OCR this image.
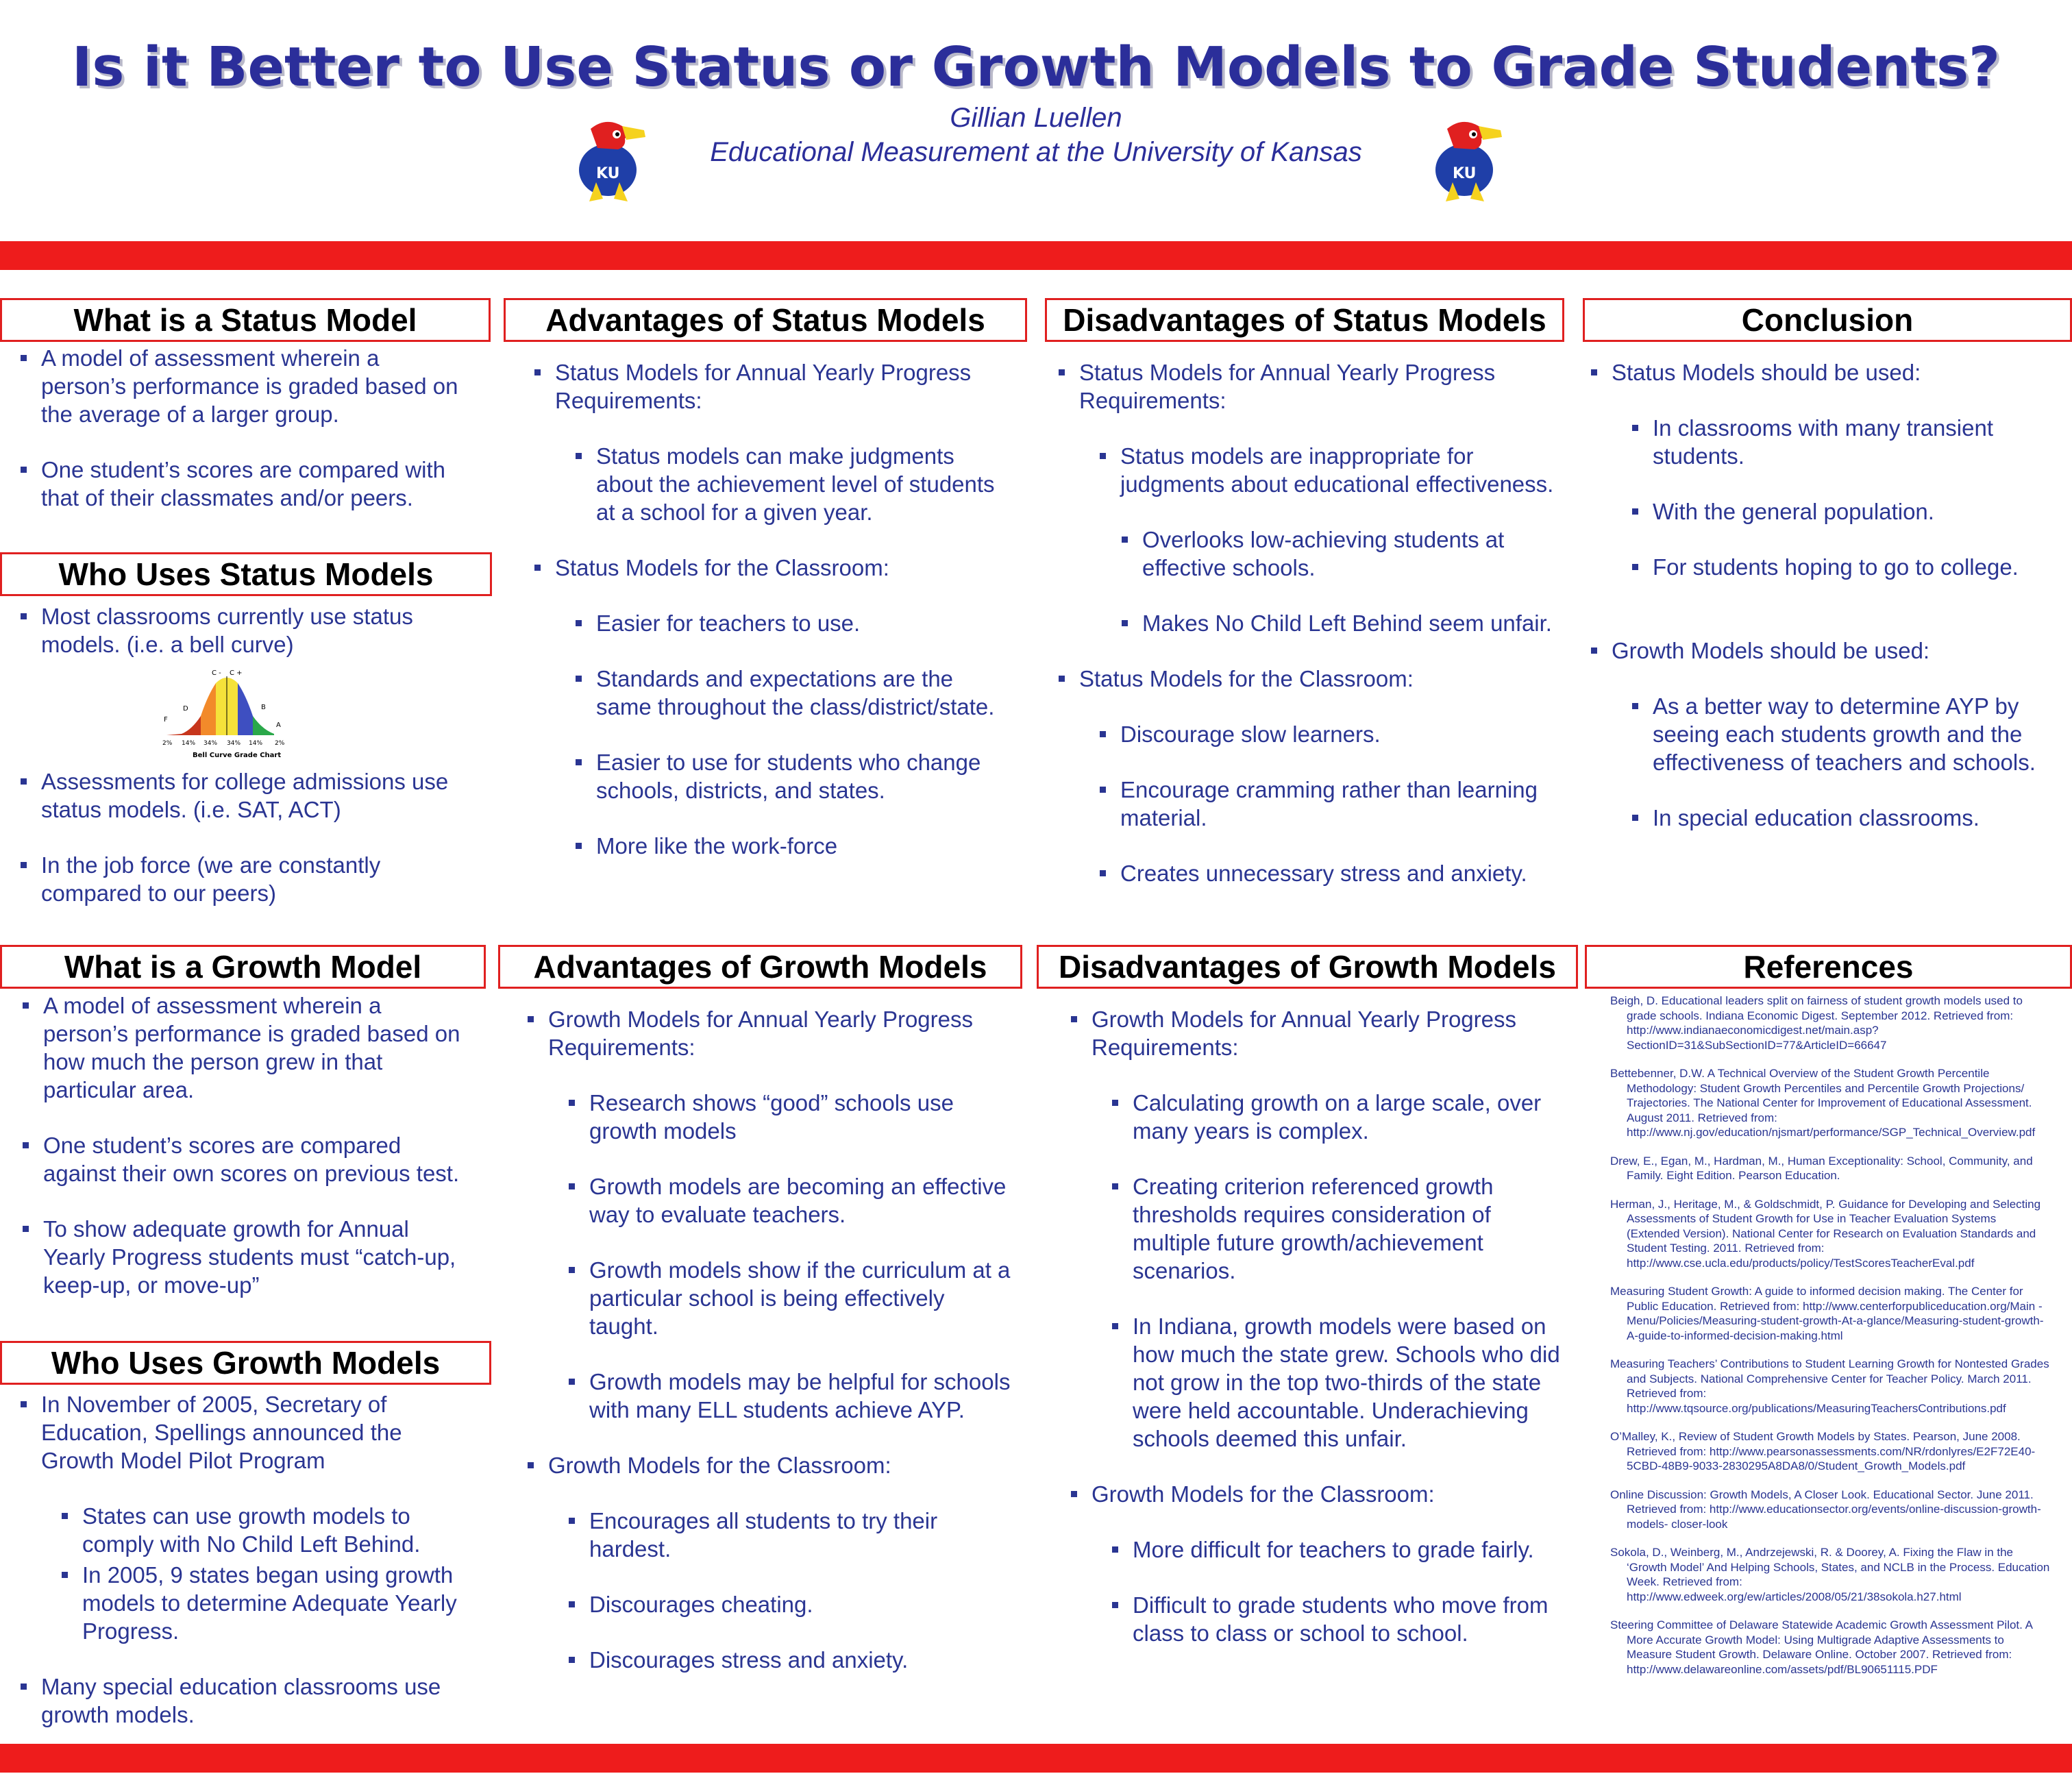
Is it Better to Use Status or Growth Models to Grade Students?
Gillian Luellen
Educational Measurement at the University of Kansas
KU	KU
What is a Status Model
A model of assessment wherein a person’s performance is graded based on the average of a larger group.
One student’s scores are compared with that of their classmates and/or peers.
Who Uses Status Models
Most classrooms currently use status models. (i.e. a bell curve)
F
D
C - C +
B
A
2% 14% 34% 34% 14% 2%
Bell Curve Grade Chart
Assessments for college admissions use status models. (i.e. SAT, ACT)
In the job force (we are constantly compared to our peers)
Advantages of Status Models
Status Models for Annual Yearly Progress Requirements:
Status models can make judgments about the achievement level of students at a school for a given year.
Status Models for the Classroom:
Easier for teachers to use.
Standards and expectations are the same throughout the class/district/state.
Easier to use for students who change schools, districts, and states.
More like the work-force
Disadvantages of Status Models
Status Models for Annual Yearly Progress Requirements:
Status models are inappropriate for judgments about educational effectiveness.
Overlooks low-achieving students at effective schools.
Makes No Child Left Behind seem unfair.
Status Models for the Classroom:
Discourage slow learners.
Encourage cramming rather than learning material.
Creates unnecessary stress and anxiety.
Conclusion
Status Models should be used:
In classrooms with many transient students.
With the general population.
For students hoping to go to college.
Growth Models should be used:
As a better way to determine AYP by seeing each students growth and the effectiveness of teachers and schools.
In special education classrooms.
What is a Growth Model
A model of assessment wherein a person’s performance is graded based on how much the person grew in that particular area.
One student’s scores are compared against their own scores on previous test.
To show adequate growth for Annual Yearly Progress students must “catch-up, keep-up, or move-up”
Who Uses Growth Models
In November of 2005, Secretary of Education, Spellings announced the Growth Model Pilot Program
States can use growth models to comply with No Child Left Behind.
In 2005, 9 states began using growth models to determine Adequate Yearly Progress.
Many special education classrooms use growth models.
Advantages of Growth Models
Growth Models for Annual Yearly Progress Requirements:
Research shows “good” schools use growth models
Growth models are becoming an effective way to evaluate teachers.
Growth models show if the curriculum at a particular school is being effectively taught.
Growth models may be helpful for schools with many ELL students achieve AYP.
Growth Models for the Classroom:
Encourages all students to try their hardest.
Discourages cheating.
Discourages stress and anxiety.
Disadvantages of Growth Models
Growth Models for Annual Yearly Progress Requirements:
Calculating growth on a large scale, over many years is complex.
Creating criterion referenced growth thresholds requires consideration of multiple future growth/achievement scenarios.
In Indiana, growth models were based on how much the state grew. Schools who did not grow in the top two-thirds of the state were held accountable. Underachieving schools deemed this unfair.
Growth Models for the Classroom:
More difficult for teachers to grade fairly.
Difficult to grade students who move from class to class or school to school.
References
Beigh, D. Educational leaders split on fairness of student growth models used to grade schools. Indiana Economic Digest. September 2012. Retrieved from: http://www.indianaeconomicdigest.net/main.asp?SectionID=31&SubSectionID=77&ArticleID=66647
Bettebenner, D.W. A Technical Overview of the Student Growth Percentile Methodology: Student Growth Percentiles and Percentile Growth Projections/ Trajectories. The National Center for Improvement of Educational Assessment. August 2011. Retrieved from: http://www.nj.gov/education/njsmart/performance/SGP_Technical_Overview.pdf
Drew, E., Egan, M., Hardman, M., Human Exceptionality: School, Community, and Family. Eight Edition. Pearson Education.
Herman, J., Heritage, M., & Goldschmidt, P. Guidance for Developing and Selecting Assessments of Student Growth for Use in Teacher Evaluation Systems (Extended Version). National Center for Research on Evaluation Standards and Student Testing. 2011. Retrieved from: http://www.cse.ucla.edu/products/policy/TestScoresTeacherEval.pdf
Measuring Student Growth: A guide to informed decision making. The Center for Public Education. Retrieved from: http://www.centerforpubliceducation.org/Main - Menu/Policies/Measuring-student-growth-At-a-glance/Measuring-student-growth-A-guide-to-informed-decision-making.html
Measuring Teachers’ Contributions to Student Learning Growth for Nontested Grades and Subjects. National Comprehensive Center for Teacher Policy. March 2011. Retrieved from: http://www.tqsource.org/publications/MeasuringTeachersContributions.pdf
O’Malley, K., Review of Student Growth Models by States. Pearson, June 2008. Retrieved from: http://www.pearsonassessments.com/NR/rdonlyres/E2F72E40-5CBD-48B9-9033-2830295A8DA8/0/Student_Growth_Models.pdf
Online Discussion: Growth Models, A Closer Look. Educational Sector. June 2011. Retrieved from: http://www.educationsector.org/events/online-discussion-growth-models- closer-look
Sokola, D., Weinberg, M., Andrzejewski, R. & Doorey, A. Fixing the Flaw in the ‘Growth Model’ And Helping Schools, States, and NCLB in the Process. Education Week. Retrieved from: http://www.edweek.org/ew/articles/2008/05/21/38sokola.h27.html
Steering Committee of Delaware Statewide Academic Growth Assessment Pilot. A More Accurate Growth Model: Using Multigrade Adaptive Assessments to Measure Student Growth. Delaware Online. October 2007. Retrieved from: http://www.delawareonline.com/assets/pdf/BL90651115.PDF
